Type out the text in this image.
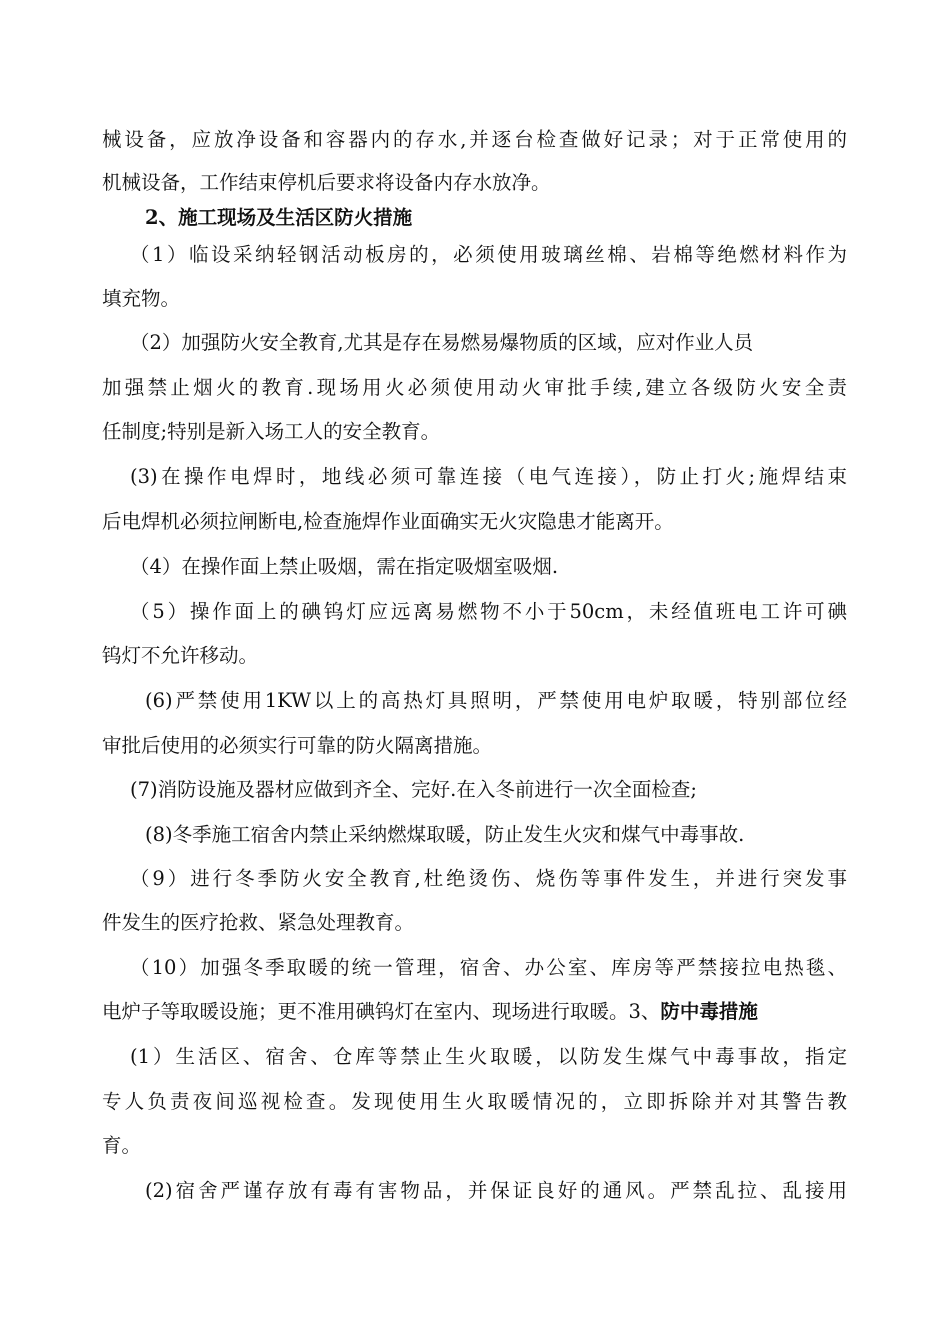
械设备，应放净设备和容器内的存水,并逐台检查做好记录；对于正常使用的
机械设备，工作结束停机后要求将设备内存水放净。
2、施工现场及生活区防火措施
（1）临设采纳轻钢活动板房的，必须使用玻璃丝棉、岩棉等绝燃材料作为
填充物。
（2）加强防火安全教育,尤其是存在易燃易爆物质的区域，应对作业人员
加强禁止烟火的教育.现场用火必须使用动火审批手续,建立各级防火安全责
任制度;特别是新入场工人的安全教育。
(3)在操作电焊时，地线必须可靠连接（电气连接），防止打火;施焊结束
后电焊机必须拉闸断电,检查施焊作业面确实无火灾隐患才能离开。
（4）在操作面上禁止吸烟，需在指定吸烟室吸烟.
（5）操作面上的碘钨灯应远离易燃物不小于50cm，未经值班电工许可碘
钨灯不允许移动。
(6)严禁使用1KW以上的高热灯具照明，严禁使用电炉取暖，特别部位经
审批后使用的必须实行可靠的防火隔离措施。
(7)消防设施及器材应做到齐全、完好.在入冬前进行一次全面检查;
(8)冬季施工宿舍内禁止采纳燃煤取暖，防止发生火灾和煤气中毒事故.
（9）进行冬季防火安全教育,杜绝烫伤、烧伤等事件发生，并进行突发事
件发生的医疗抢救、紧急处理教育。
（10）加强冬季取暖的统一管理，宿舍、办公室、库房等严禁接拉电热毯、
电炉子等取暖设施；更不准用碘钨灯在室内、现场进行取暖。3、防中毒措施
(1）生活区、宿舍、仓库等禁止生火取暖，以防发生煤气中毒事故，指定
专人负责夜间巡视检查。发现使用生火取暖情况的，立即拆除并对其警告教
育。
(2)宿舍严谨存放有毒有害物品，并保证良好的通风。严禁乱拉、乱接用
